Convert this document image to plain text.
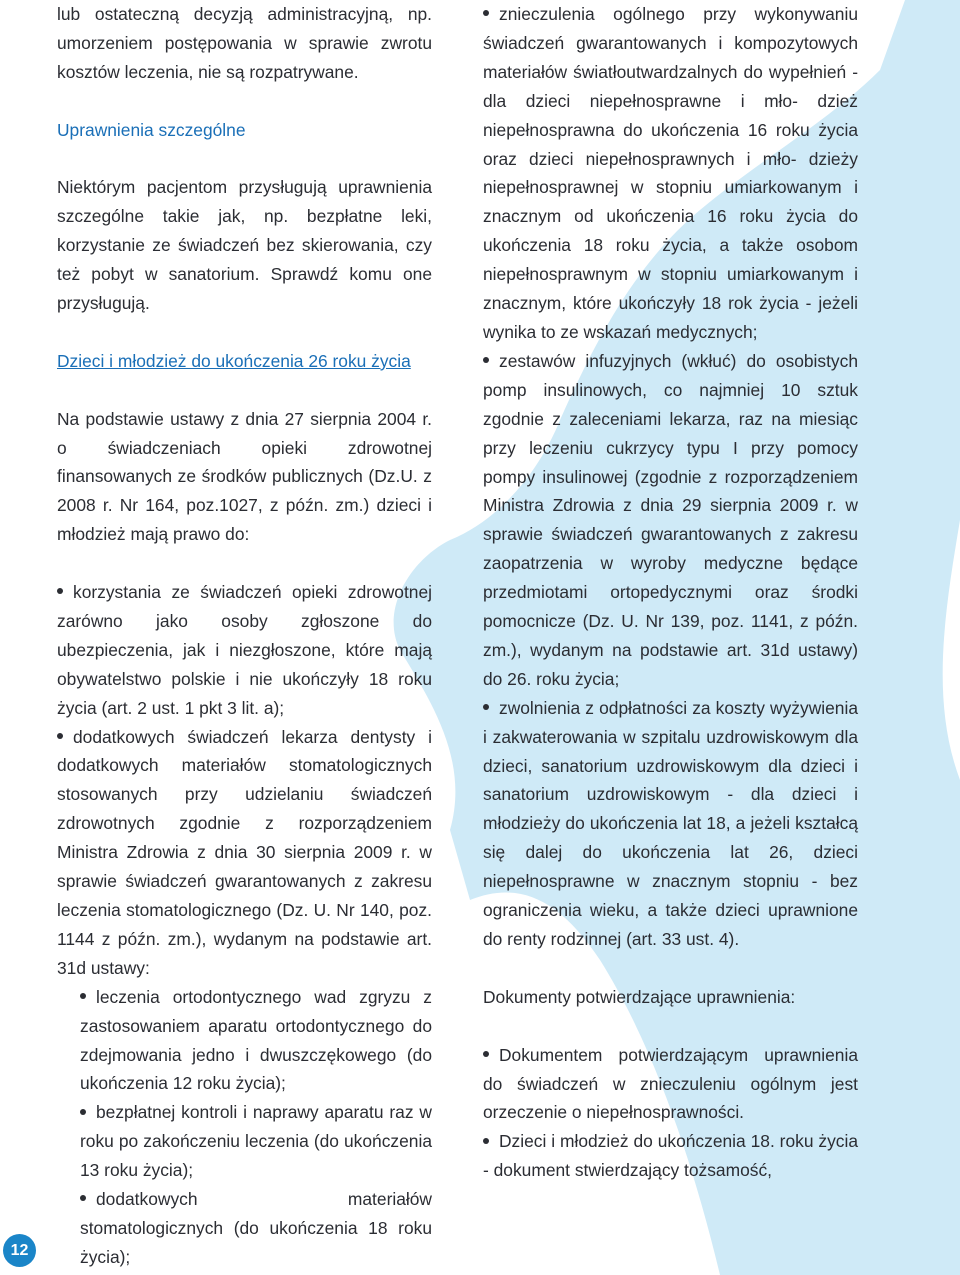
lub ostateczną decyzją administracyjną, np. umorzeniem postępowania w sprawie zwrotu kosztów leczenia, nie są rozpatrywane.

Uprawnienia szczególne

Niektórym pacjentom przysługują uprawnienia szczególne takie jak, np. bezpłatne leki, korzystanie ze świadczeń bez skierowania, czy też pobyt w sanatorium. Sprawdź komu one przysługują.

Dzieci i młodzież do ukończenia 26 roku życia

Na podstawie ustawy z dnia 27 sierpnia 2004 r. o świadczeniach opieki zdrowotnej finansowanych ze środków publicznych (Dz.U. z 2008 r. Nr 164, poz.1027, z późn. zm.) dzieci i młodzież mają prawo do:

korzystania ze świadczeń opieki zdrowotnej zarówno jako osoby zgłoszone do ubezpieczenia, jak i niezgłoszone, które mają obywatelstwo polskie i nie ukończyły 18 roku życia (art. 2 ust. 1 pkt 3 lit. a);

dodatkowych świadczeń lekarza dentysty i dodatkowych materiałów stomatologicznych stosowanych przy udzielaniu świadczeń zdrowotnych zgodnie z rozporządzeniem Ministra Zdrowia z dnia 30 sierpnia 2009 r. w sprawie świadczeń gwarantowanych z zakresu leczenia stomatologicznego (Dz. U. Nr 140, poz. 1144 z późn. zm.), wydanym na podstawie art. 31d ustawy:

leczenia ortodontycznego wad zgryzu z zastosowaniem aparatu ortodontycznego do zdejmowania jedno i dwuszczękowego (do ukończenia 12 roku życia);

bezpłatnej kontroli i naprawy aparatu raz w roku po zakończeniu leczenia (do ukończenia 13 roku życia);

dodatkowych materiałów stomatologicznych (do ukończenia 18 roku życia);

znieczulenia ogólnego przy wykonywaniu świadczeń gwarantowanych i kompozytowych materiałów światłoutwardzalnych do wypełnień - dla dzieci niepełnosprawne i mło- dzież niepełnosprawna do ukończenia 16 roku życia oraz dzieci niepełnosprawnych i mło- dzieży niepełnosprawnej w stopniu umiarkowanym i znacznym od ukończenia 16 roku życia do ukończenia 18 roku życia, a także osobom niepełnosprawnym w stopniu umiarkowanym i znacznym, które ukończyły 18 rok życia - jeżeli wynika to ze wskazań medycznych;

zestawów infuzyjnych (wkłuć) do osobistych pomp insulinowych, co najmniej 10 sztuk zgodnie z zaleceniami lekarza, raz na miesiąc przy leczeniu cukrzycy typu I przy pomocy pompy insulinowej (zgodnie z rozporządzeniem Ministra Zdrowia z dnia 29 sierpnia 2009 r. w sprawie świadczeń gwarantowanych z zakresu zaopatrzenia w wyroby medyczne będące przedmiotami ortopedycznymi oraz środki pomocnicze (Dz. U. Nr 139, poz. 1141, z późn. zm.), wydanym na podstawie art. 31d ustawy) do 26. roku życia;

zwolnienia z odpłatności za koszty wyżywienia i zakwaterowania w szpitalu uzdrowiskowym dla dzieci, sanatorium uzdrowiskowym dla dzieci i sanatorium uzdrowiskowym - dla dzieci i młodzieży do ukończenia lat 18, a jeżeli kształcą się dalej do ukończenia lat 26, dzieci niepełnosprawne w znacznym stopniu - bez ograniczenia wieku, a także dzieci uprawnione do renty rodzinnej (art. 33 ust. 4).

Dokumenty potwierdzające uprawnienia:

Dokumentem potwierdzającym uprawnienia do świadczeń w znieczuleniu ogólnym jest orzeczenie o niepełnosprawności.

Dzieci i młodzież do ukończenia 18. roku życia - dokument stwierdzający tożsamość,

12
